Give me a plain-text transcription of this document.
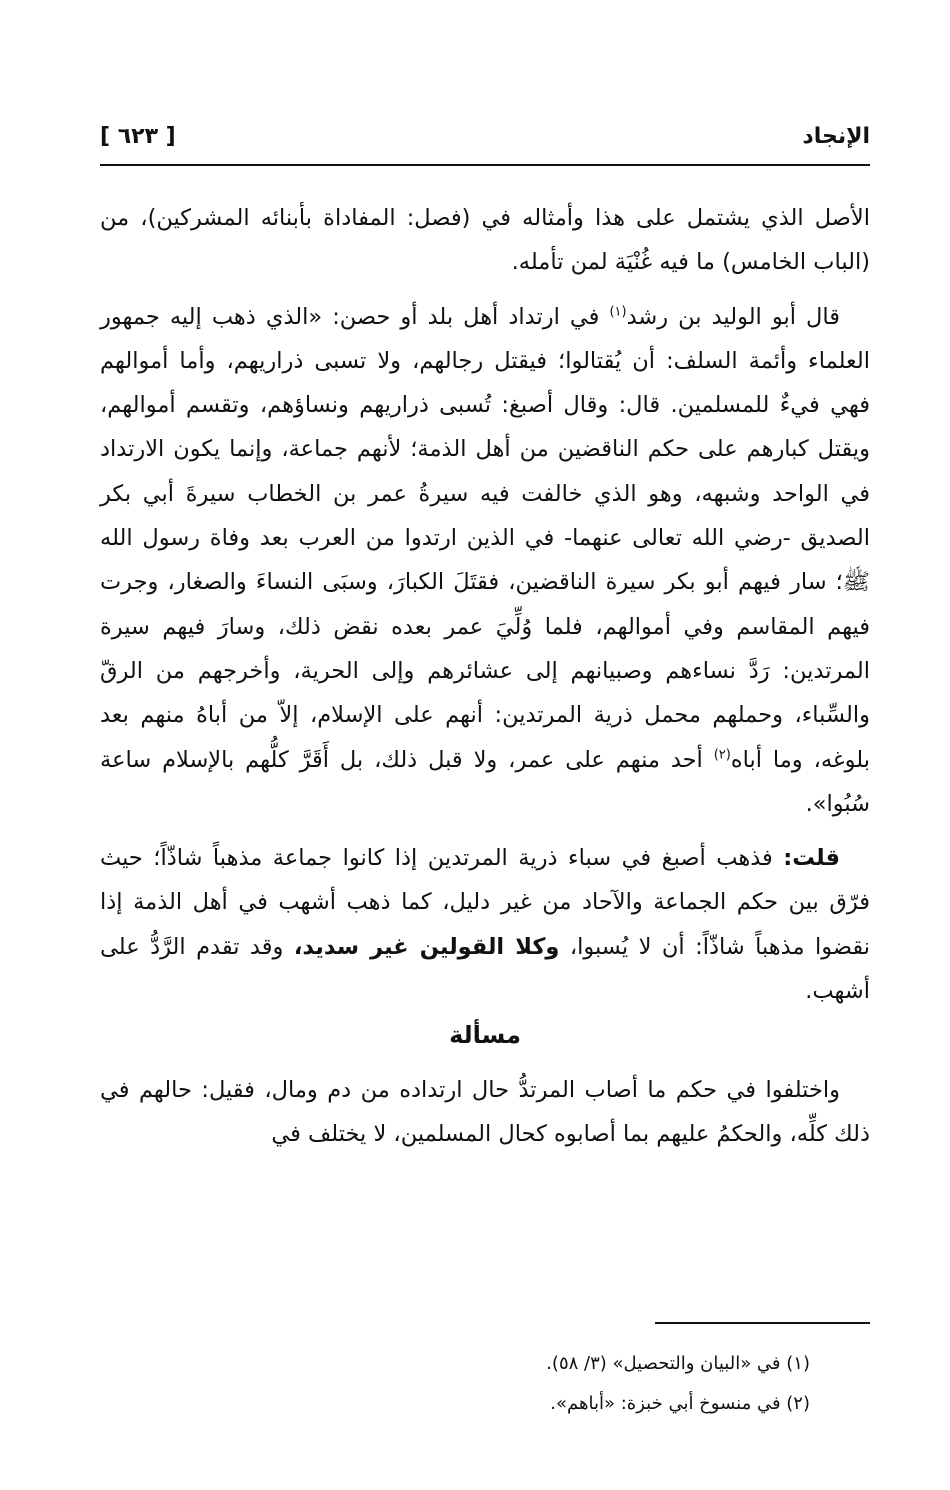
الإنجاد
[ ٦٢٣ ]

الأصل الذي يشتمل على هذا وأمثاله في (فصل: المفاداة بأبنائه المشركين)، من (الباب الخامس) ما فيه غُنْيَة لمن تأمله.

قال أبو الوليد بن رشد$^{(١)}$ في ارتداد أهل بلد أو حصن: «الذي ذهب إليه جمهور العلماء وأئمة السلف: أن يُقتالوا؛ فيقتل رجالهم، ولا تسبى ذراريهم، وأما أموالهم فهي فيءٌ للمسلمين. قال: وقال أصبغ: تُسبى ذراريهم ونساؤهم، وتقسم أموالهم، ويقتل كبارهم على حكم الناقضين من أهل الذمة؛ لأنهم جماعة، وإنما يكون الارتداد في الواحد وشبهه، وهو الذي خالفت فيه سيرةُ عمر بن الخطاب سيرةَ أبي بكر الصديق -رضي الله تعالى عنهما- في الذين ارتدوا من العرب بعد وفاة رسول الله ﷺ؛ سار فيهم أبو بكر سيرة الناقضين، فقتَلَ الكبارَ، وسبَى النساءَ والصغار، وجرت فيهم المقاسم وفي أموالهم، فلما وُلِّيَ عمر بعده نقض ذلك، وسارَ فيهم سيرة المرتدين: رَدَّ نساءهم وصبيانهم إلى عشائرهم وإلى الحرية، وأخرجهم من الرقّ والسِّباء، وحملهم محمل ذرية المرتدين: أنهم على الإسلام، إلاّ من أباهُ منهم بعد بلوغه، وما أباه$^{(٢)}$ أحد منهم على عمر، ولا قبل ذلك، بل أَقَرَّ كلُّهم بالإسلام ساعة سُبُوا».

قلت: فذهب أصبغ في سباء ذرية المرتدين إذا كانوا جماعة مذهباً شاذّاً؛ حيث فرّق بين حكم الجماعة والآحاد من غير دليل، كما ذهب أشهب في أهل الذمة إذا نقضوا مذهباً شاذّاً: أن لا يُسبوا، وكلا القولين غير سديد، وقد تقدم الرَّدُّ على أشهب.

مسألة

واختلفوا في حكم ما أصاب المرتدُّ حال ارتداده من دم ومال، فقيل: حالهم في ذلك كلِّه، والحكمُ عليهم بما أصابوه كحال المسلمين، لا يختلف في

(١) في «البيان والتحصيل» (٣/ ٥٨).

(٢) في منسوخ أبي خبزة: «أباهم».
